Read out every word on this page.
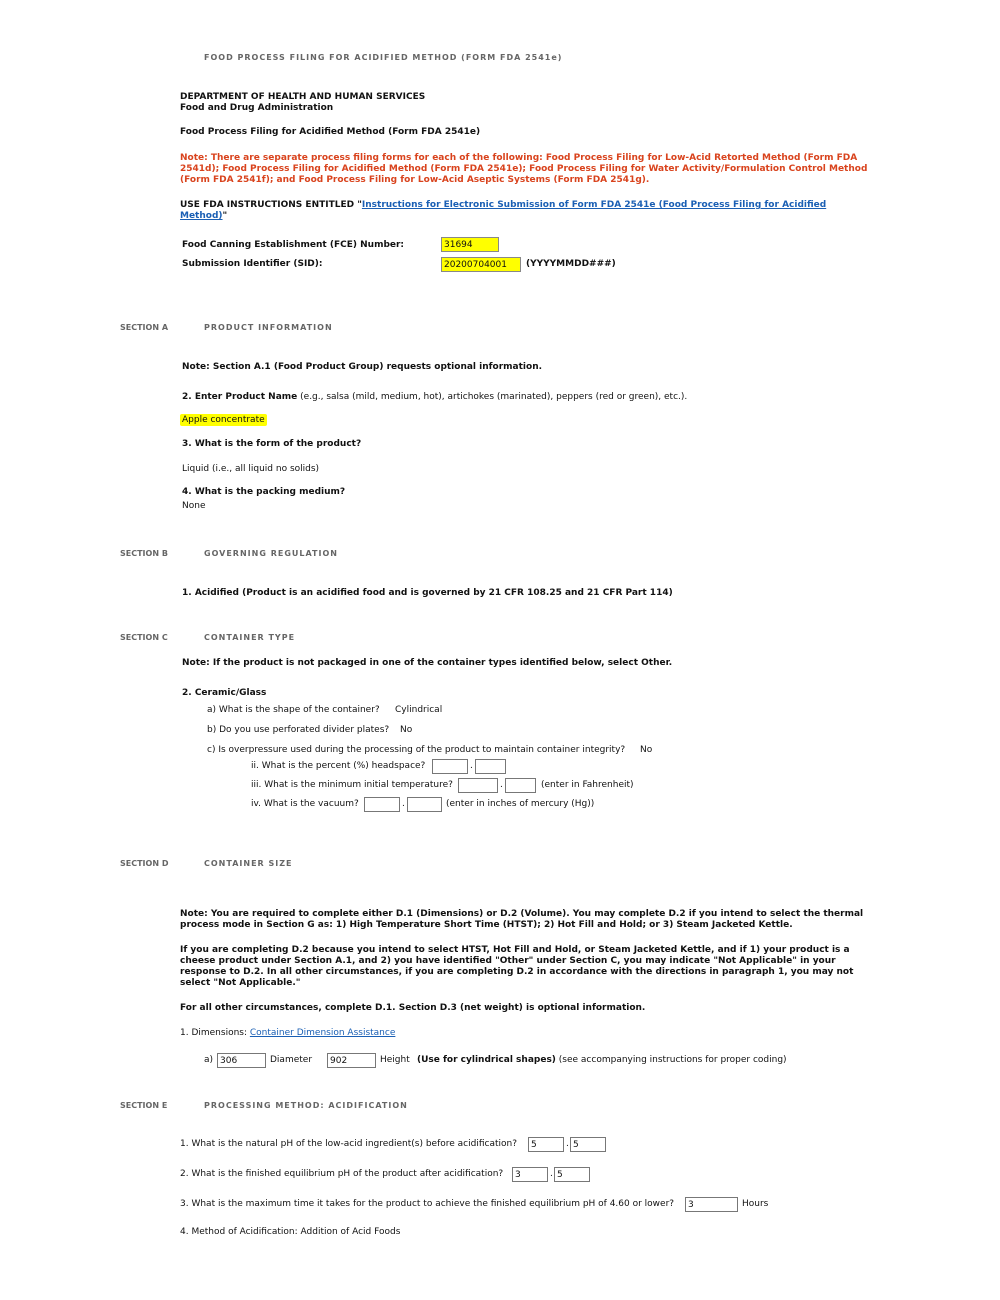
FOOD PROCESS FILING FOR ACIDIFIED METHOD (FORM FDA 2541e)
DEPARTMENT OF HEALTH AND HUMAN SERVICES
Food and Drug Administration
Food Process Filing for Acidified Method (Form FDA 2541e)
Note: There are separate process filing forms for each of the following: Food Process Filing for Low-Acid Retorted Method (Form FDA 2541d); Food Process Filing for Acidified Method (Form FDA 2541e); Food Process Filing for Water Activity/Formulation Control Method (Form FDA 2541f); and Food Process Filing for Low-Acid Aseptic Systems (Form FDA 2541g).
USE FDA INSTRUCTIONS ENTITLED "Instructions for Electronic Submission of Form FDA 2541e (Food Process Filing for Acidified Method)"
Food Canning Establishment (FCE) Number:	31694
Submission Identifier (SID):	20200704001	(YYYYMMDD###)
SECTION A	PRODUCT INFORMATION
Note: Section A.1 (Food Product Group) requests optional information.
2. Enter Product Name (e.g., salsa (mild, medium, hot), artichokes (marinated), peppers (red or green), etc.).
Apple concentrate
3. What is the form of the product?
Liquid (i.e., all liquid no solids)
4. What is the packing medium?
None
SECTION B	GOVERNING REGULATION
1. Acidified (Product is an acidified food and is governed by 21 CFR 108.25 and 21 CFR Part 114)
SECTION C	CONTAINER TYPE
Note: If the product is not packaged in one of the container types identified below, select Other.
2. Ceramic/Glass
a) What is the shape of the container? Cylindrical
b) Do you use perforated divider plates? No
c) Is overpressure used during the processing of the product to maintain container integrity? No
ii. What is the percent (%) headspace?	.
iii. What is the minimum initial temperature?	.	(enter in Fahrenheit)
iv. What is the vacuum?	.	(enter in inches of mercury (Hg))
SECTION D	CONTAINER SIZE
Note: You are required to complete either D.1 (Dimensions) or D.2 (Volume). You may complete D.2 if you intend to select the thermal process mode in Section G as: 1) High Temperature Short Time (HTST); 2) Hot Fill and Hold; or 3) Steam Jacketed Kettle.
If you are completing D.2 because you intend to select HTST, Hot Fill and Hold, or Steam Jacketed Kettle, and if 1) your product is a cheese product under Section A.1, and 2) you have identified "Other" under Section C, you may indicate "Not Applicable" in your response to D.2. In all other circumstances, if you are completing D.2 in accordance with the directions in paragraph 1, you may not select "Not Applicable."
For all other circumstances, complete D.1. Section D.3 (net weight) is optional information.
1. Dimensions: Container Dimension Assistance
a) 306	Diameter	902	Height (Use for cylindrical shapes) (see accompanying instructions for proper coding)
SECTION E	PROCESSING METHOD: ACIDIFICATION
1. What is the natural pH of the low-acid ingredient(s) before acidification?	5	. 5
2. What is the finished equilibrium pH of the product after acidification?	3	. 5
3. What is the maximum time it takes for the product to achieve the finished equilibrium pH of 4.60 or lower?	3	Hours
4. Method of Acidification: Addition of Acid Foods
